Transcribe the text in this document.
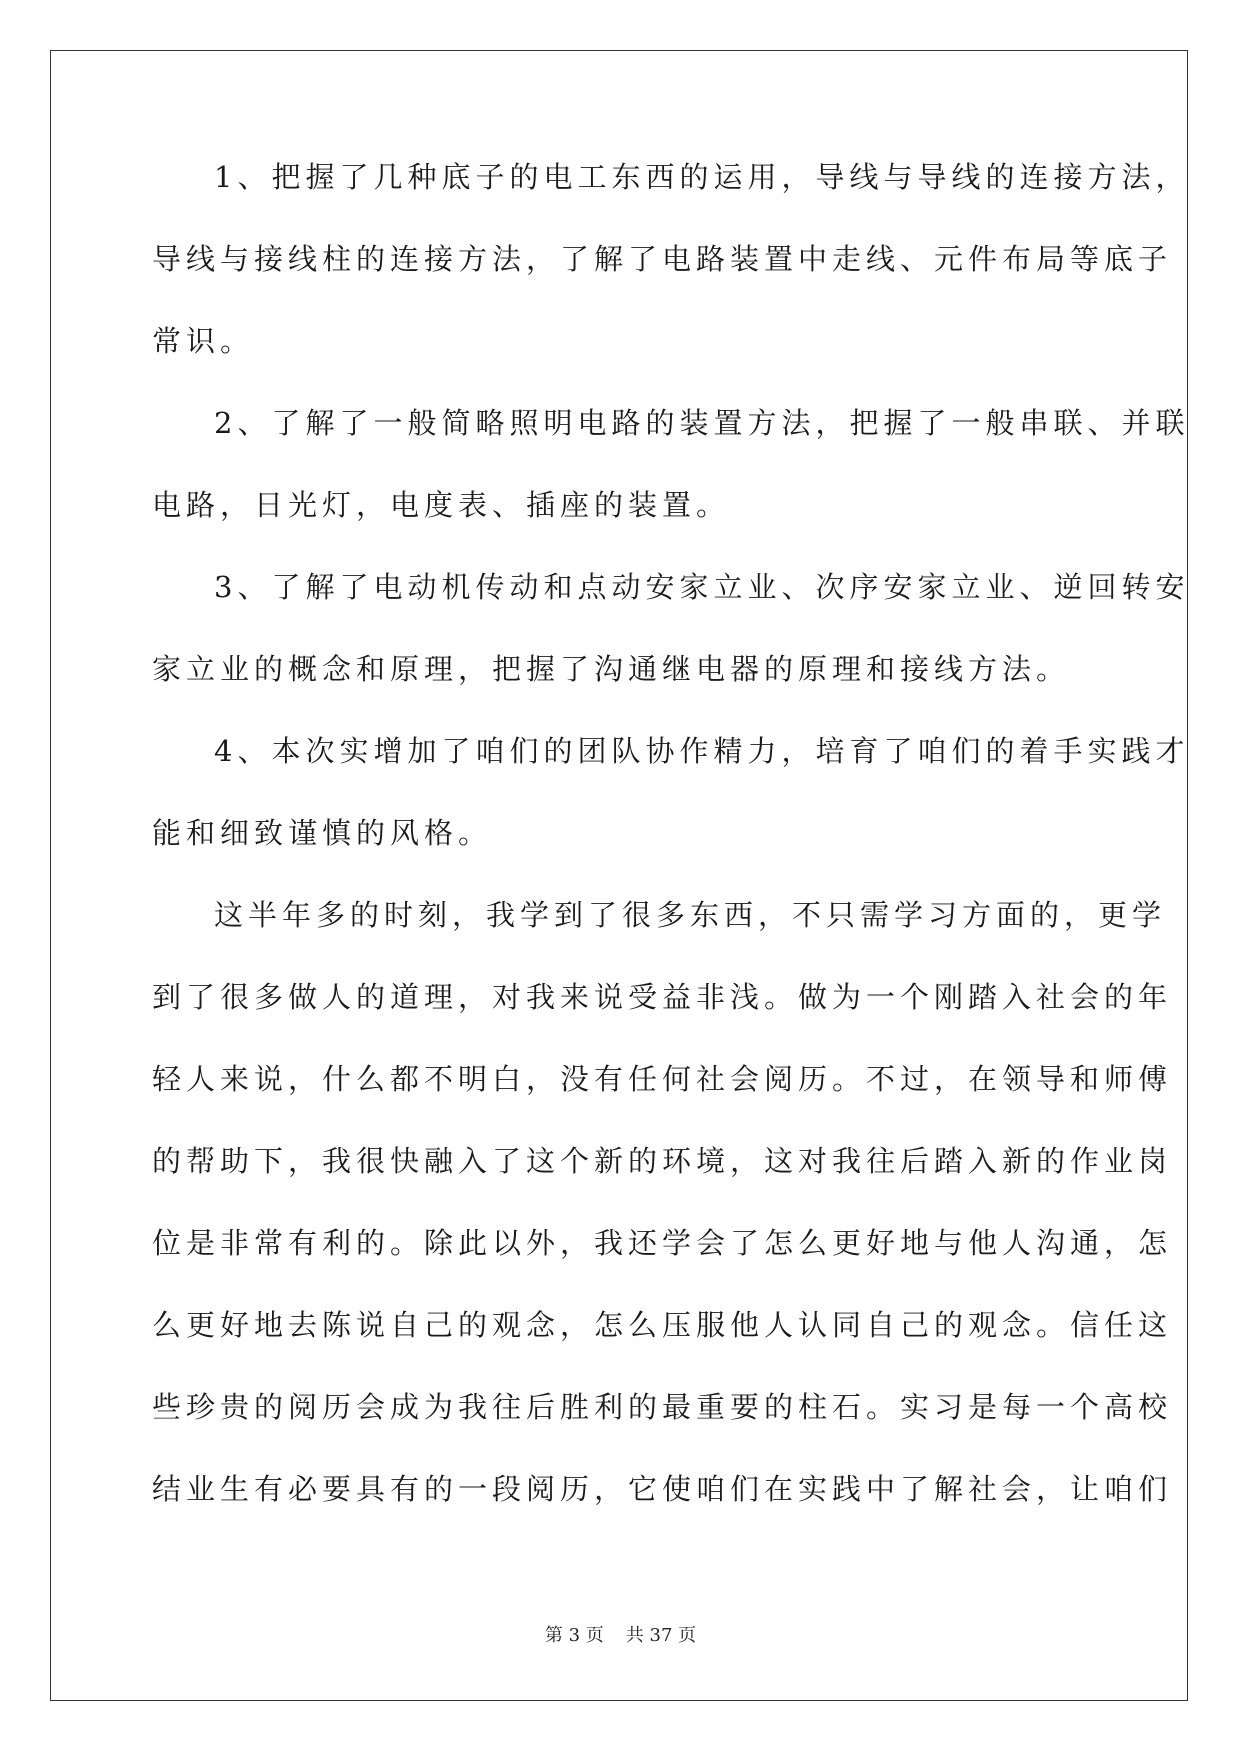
1、把握了几种底子的电工东西的运用，导线与导线的连接方法，
导线与接线柱的连接方法，了解了电路装置中走线、元件布局等底子
常识。
2、了解了一般简略照明电路的装置方法，把握了一般串联、并联
电路，日光灯，电度表、插座的装置。
3、了解了电动机传动和点动安家立业、次序安家立业、逆回转安
家立业的概念和原理，把握了沟通继电器的原理和接线方法。
4、本次实增加了咱们的团队协作精力，培育了咱们的着手实践才
能和细致谨慎的风格。
这半年多的时刻，我学到了很多东西，不只需学习方面的，更学
到了很多做人的道理，对我来说受益非浅。做为一个刚踏入社会的年
轻人来说，什么都不明白，没有任何社会阅历。不过，在领导和师傅
的帮助下，我很快融入了这个新的环境，这对我往后踏入新的作业岗
位是非常有利的。除此以外，我还学会了怎么更好地与他人沟通，怎
么更好地去陈说自己的观念，怎么压服他人认同自己的观念。信任这
些珍贵的阅历会成为我往后胜利的最重要的柱石。实习是每一个高校
结业生有必要具有的一段阅历，它使咱们在实践中了解社会，让咱们
第 3 页 共 37 页
